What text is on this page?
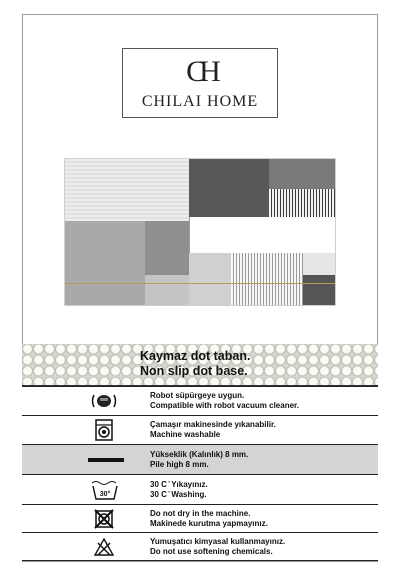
CH
CHILAI HOME
Kaymaz dot taban.
Non slip dot base.
Robot süpürgeye uygun.
Compatible with robot vacuum cleaner.
Çamaşır makinesinde yıkanabilir.
Machine washable
Yükseklik (Kalınlık) 8 mm.
Pile high 8 mm.
30°
30 C ̊ Yıkayınız.
30 C ̊ Washing.
Do not dry in the machine.
Makinede kurutma yapmayınız.
Yumuşatıcı kimyasal kullanmayınız.
Do not use softening chemicals.
